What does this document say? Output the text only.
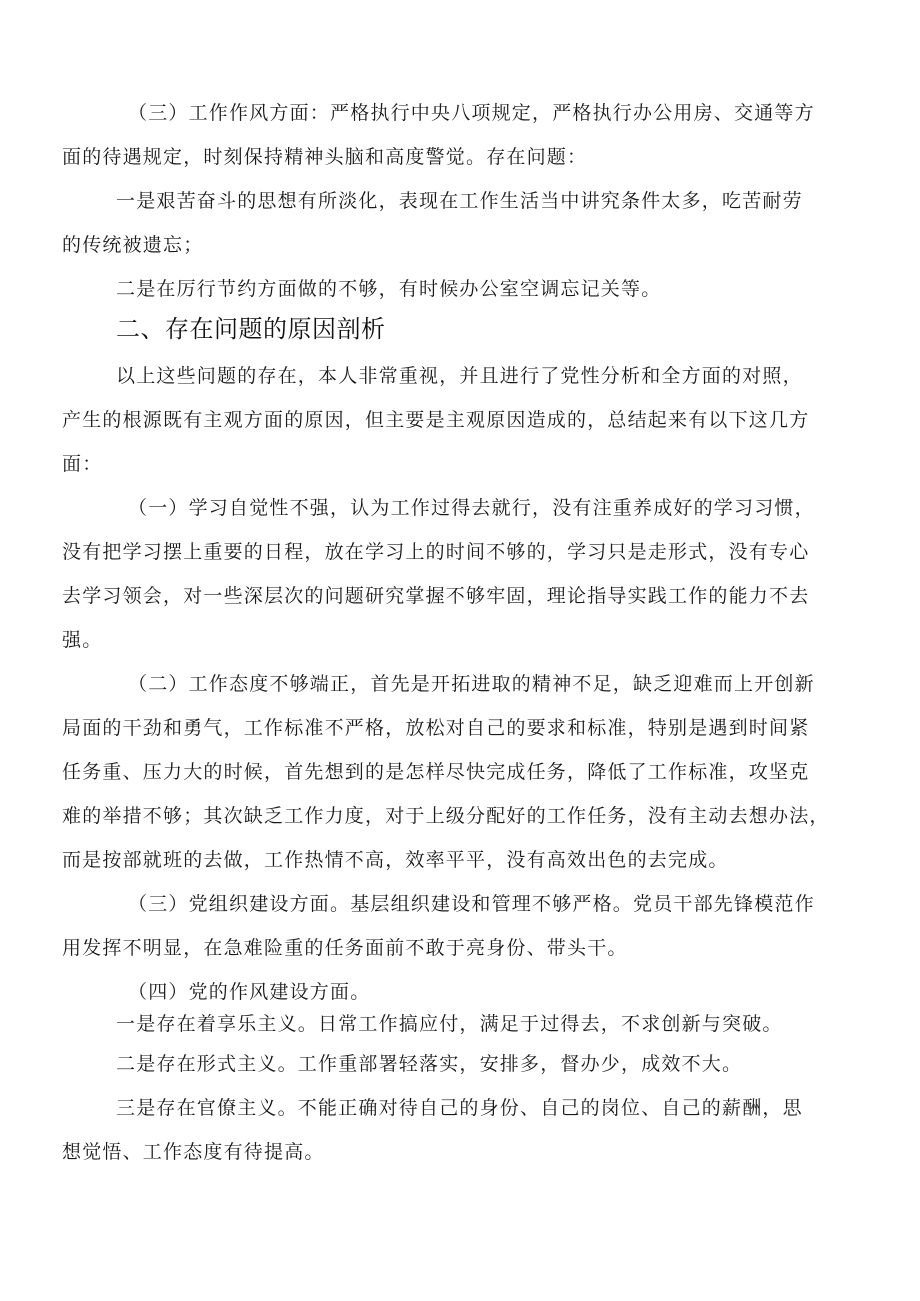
（三）工作作风方面：严格执行中央八项规定，严格执行办公用房、交通等方
面的待遇规定，时刻保持精神头脑和高度警觉。存在问题：
一是艰苦奋斗的思想有所淡化，表现在工作生活当中讲究条件太多，吃苦耐劳
的传统被遗忘；
二是在厉行节约方面做的不够，有时候办公室空调忘记关等。
二、存在问题的原因剖析
以上这些问题的存在，本人非常重视，并且进行了党性分析和全方面的对照，
产生的根源既有主观方面的原因，但主要是主观原因造成的，总结起来有以下这几方
面：
（一）学习自觉性不强，认为工作过得去就行，没有注重养成好的学习习惯，
没有把学习摆上重要的日程，放在学习上的时间不够的，学习只是走形式，没有专心
去学习领会，对一些深层次的问题研究掌握不够牢固，理论指导实践工作的能力不去
强。
（二）工作态度不够端正，首先是开拓进取的精神不足，缺乏迎难而上开创新
局面的干劲和勇气，工作标准不严格，放松对自己的要求和标准，特别是遇到时间紧
任务重、压力大的时候，首先想到的是怎样尽快完成任务，降低了工作标准，攻坚克
难的举措不够；其次缺乏工作力度，对于上级分配好的工作任务，没有主动去想办法，
而是按部就班的去做，工作热情不高，效率平平，没有高效出色的去完成。
（三）党组织建设方面。基层组织建设和管理不够严格。党员干部先锋模范作
用发挥不明显，在急难险重的任务面前不敢于亮身份、带头干。
（四）党的作风建设方面。
一是存在着享乐主义。日常工作搞应付，满足于过得去，不求创新与突破。
二是存在形式主义。工作重部署轻落实，安排多，督办少，成效不大。
三是存在官僚主义。不能正确对待自己的身份、自己的岗位、自己的薪酬，思
想觉悟、工作态度有待提高。
